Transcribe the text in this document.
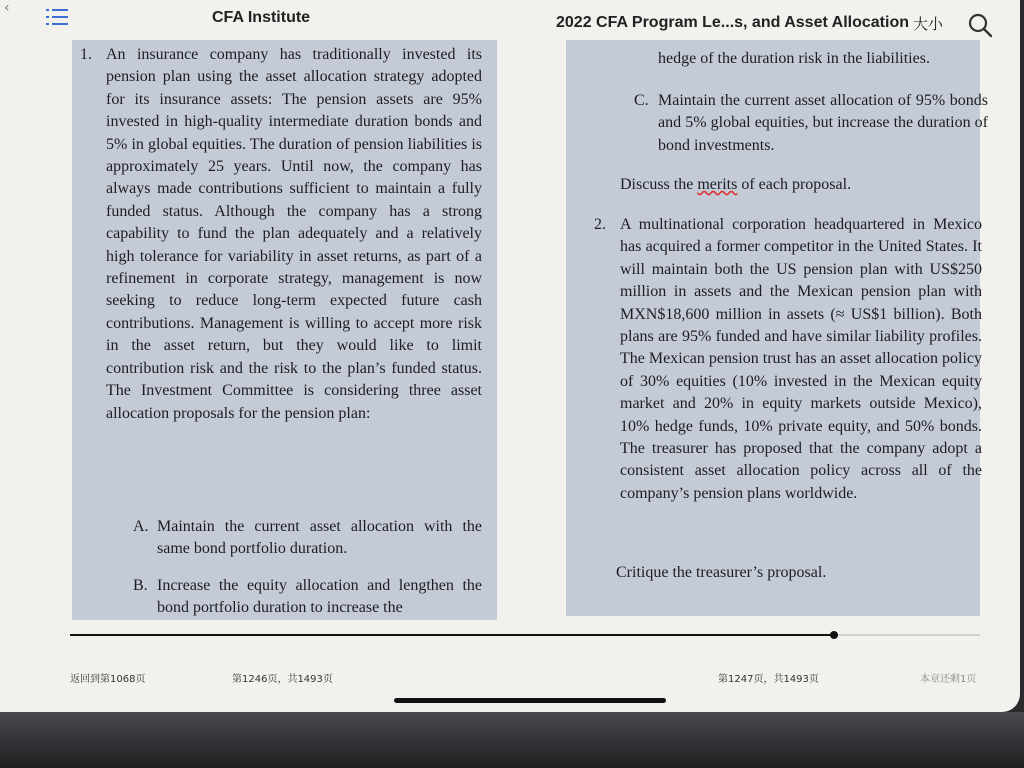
‹
CFA Institute	2022 CFA Program Le...s, and Asset Allocation 大小
1. An insurance company has traditionally invested its pension plan using the asset allocation strategy adopted for its insurance assets: The pension assets are 95% invested in high-quality intermediate duration bonds and 5% in global equities. The duration of pension liabilities is approximately 25 years. Until now, the company has always made contributions sufficient to maintain a fully funded status. Although the company has a strong capability to fund the plan adequately and a relatively high tolerance for variability in asset returns, as part of a refinement in corporate strategy, management is now seeking to reduce long-term expected future cash contributions. Management is willing to accept more risk in the asset return, but they would like to limit contribution risk and the risk to the plan’s funded status. The Investment Committee is considering three asset allocation proposals for the pension plan:
A. Maintain the current asset allocation with the same bond portfolio duration.
B. Increase the equity allocation and lengthen the bond portfolio duration to increase the
hedge of the duration risk in the liabilities.
C. Maintain the current asset allocation of 95% bonds and 5% global equities, but increase the duration of bond investments.
Discuss the merits of each proposal.
2. A multinational corporation headquartered in Mexico has acquired a former competitor in the United States. It will maintain both the US pension plan with US$250 million in assets and the Mexican pension plan with MXN$18,600 million in assets (≈ US$1 billion). Both plans are 95% funded and have similar liability profiles. The Mexican pension trust has an asset allocation policy of 30% equities (10% invested in the Mexican equity market and 20% in equity markets outside Mexico), 10% hedge funds, 10% private equity, and 50% bonds. The treasurer has proposed that the company adopt a consistent asset allocation policy across all of the company’s pension plans worldwide.
Critique the treasurer’s proposal.
返回到第1068页	第1246页，共1493页	第1247页，共1493页	本章还剩1页
